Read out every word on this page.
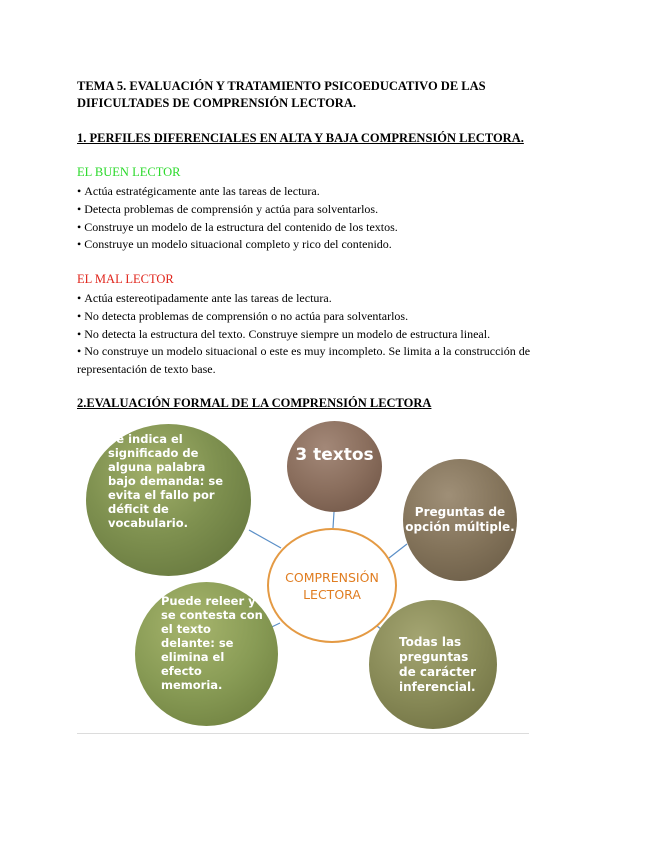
TEMA 5. EVALUACIÓN Y TRATAMIENTO PSICOEDUCATIVO DE LAS DIFICULTADES DE COMPRENSIÓN LECTORA.
1. PERFILES DIFERENCIALES EN ALTA Y BAJA COMPRENSIÓN LECTORA.
EL BUEN LECTOR
• Actúa estratégicamente ante las tareas de lectura.
• Detecta problemas de comprensión y actúa para solventarlos.
• Construye un modelo de la estructura del contenido de los textos.
• Construye un modelo situacional completo y rico del contenido.
EL MAL LECTOR
• Actúa estereotipadamente ante las tareas de lectura.
• No detecta problemas de comprensión o no actúa para solventarlos.
• No detecta la estructura del texto. Construye siempre un modelo de estructura lineal.
• No construye un modelo situacional o este es muy incompleto. Se limita a la construcción de representación de texto base.
2.EVALUACIÓN FORMAL DE LA COMPRENSIÓN LECTORA
Se indica el significado de alguna palabra bajo demanda: se evita el fallo por déficit de vocabulario.
3 textos
Preguntas de opción múltiple.
COMPRENSIÓN LECTORA
Puede releer y se contesta con el texto delante: se elimina el efecto memoria.
Todas las preguntas de carácter inferencial.
